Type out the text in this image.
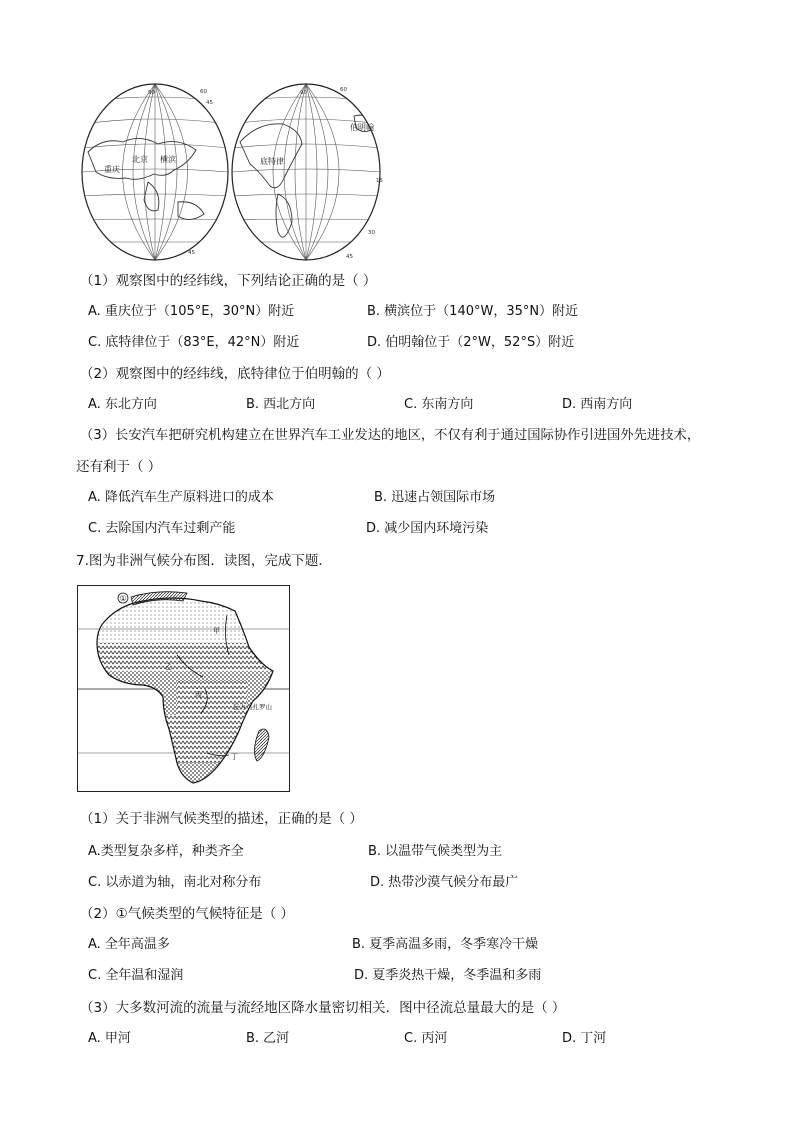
90	60
45
北京
重庆
横滨
45
90	60
伯明翰
底特律
15
30
45
（1）观察图中的经纬线，下列结论正确的是（ ）
A. 重庆位于（105°E，30°N）附近	B. 横滨位于（140°W，35°N）附近
C. 底特律位于（83°E，42°N）附近	D. 伯明翰位于（2°W，52°S）附近
（2）观察图中的经纬线，底特律位于伯明翰的（ ）
A. 东北方向	B. 西北方向	C. 东南方向	D. 西南方向
（3）长安汽车把研究机构建立在世界汽车工业发达的地区，不仅有利于通过国际协作引进国外先进技术，
还有利于（ ）
A. 降低汽车生产原料进口的成本	B. 迅速占领国际市场
C. 去除国内汽车过剩产能	D. 减少国内环境污染
7.图为非洲气候分布图．读图，完成下题．
①
甲
乙
丙
乞力马扎罗山
丁
（1）关于非洲气候类型的描述，正确的是（ ）
A.类型复杂多样，种类齐全	B. 以温带气候类型为主
C. 以赤道为轴，南北对称分布	D. 热带沙漠气候分布最广
（2）①气候类型的气候特征是（ ）
A. 全年高温多	B. 夏季高温多雨，冬季寒冷干燥
C. 全年温和湿润	D. 夏季炎热干燥，冬季温和多雨
（3）大多数河流的流量与流经地区降水量密切相关．图中径流总量最大的是（ ）
A. 甲河	B. 乙河	C. 丙河	D. 丁河
